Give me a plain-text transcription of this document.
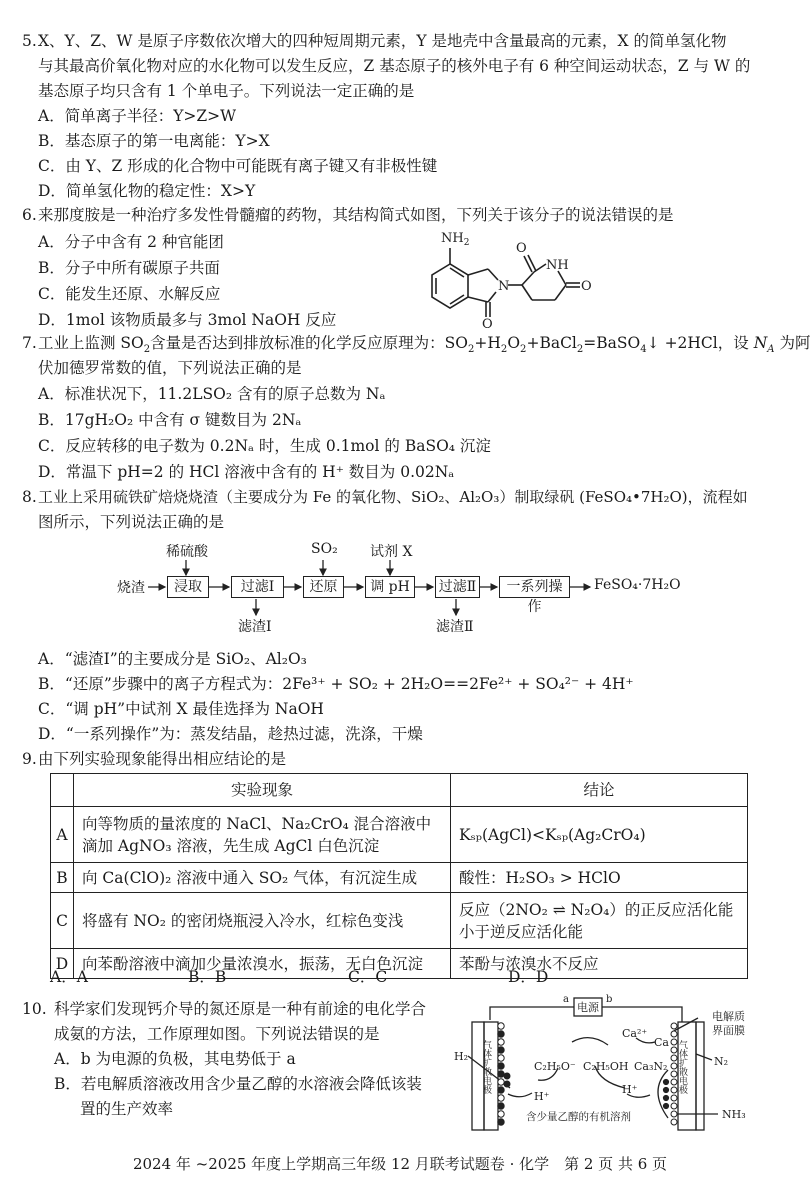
5. X、Y、Z、W 是原子序数依次增大的四种短周期元素，Y 是地壳中含量最高的元素，X 的简单氢化物
与其最高价氧化物对应的水化物可以发生反应，Z 基态原子的核外电子有 6 种空间运动状态，Z 与 W 的
基态原子均只含有 1 个单电子。下列说法一定正确的是
A．简单离子半径：Y>Z>W
B．基态原子的第一电离能：Y>X
C．由 Y、Z 形成的化合物中可能既有离子键又有非极性键
D．简单氢化物的稳定性：X>Y
6. 来那度胺是一种治疗多发性骨髓瘤的药物，其结构简式如图，下列关于该分子的说法错误的是
A．分子中含有 2 种官能团
B．分子中所有碳原子共面
C．能发生还原、水解反应
D．1mol 该物质最多与 3mol NaOH 反应
$NH_2$
N
O
O
NH
O
7. 工业上监测 $SO_2$含量是否达到排放标准的化学反应原理为：$SO_2+H_2O_2+BaCl_2=BaSO_4↓ +2HCl$，设 $N_A$ 为阿
伏加德罗常数的值，下列说法正确的是
A．标准状况下，11.2LSO₂ 含有的原子总数为 Nₐ
B．17gH₂O₂ 中含有 σ 键数目为 2Nₐ
C．反应转移的电子数为 0.2Nₐ 时，生成 0.1mol 的 BaSO₄ 沉淀
D．常温下 pH=2 的 HCl 溶液中含有的 H⁺ 数目为 0.02Nₐ
8. 工业上采用硫铁矿焙烧烧渣（主要成分为 Fe 的氧化物、SiO₂、Al₂O₃）制取绿矾 (FeSO₄•7H₂O)，流程如
图所示，下列说法正确的是
烧渣	浸取	过滤Ⅰ	还原	调 pH	过滤Ⅱ	一系列操作
FeSO₄·7H₂O
稀硫酸	SO₂ 试剂 X
滤渣Ⅰ	滤渣Ⅱ
A．“滤渣Ⅰ”的主要成分是 SiO₂、Al₂O₃
B．“还原”步骤中的离子方程式为：2Fe³⁺ + SO₂ + 2H₂O==2Fe²⁺ + SO₄²⁻ + 4H⁺
C．“调 pH”中试剂 X 最佳选择为 NaOH
D．“一系列操作”为：蒸发结晶，趁热过滤，洗涤，干燥
9. 由下列实验现象能得出相应结论的是
	实验现象	结论
A	向等物质的量浓度的 NaCl、Na₂CrO₄ 混合溶液中滴加 AgNO₃ 溶液，先生成 AgCl 白色沉淀	Kₛₚ(AgCl)<Kₛₚ(Ag₂CrO₄)
B	向 Ca(ClO)₂ 溶液中通入 SO₂ 气体，有沉淀生成	酸性：H₂SO₃ > HClO
C	将盛有 NO₂ 的密闭烧瓶浸入冷水，红棕色变浅	反应（2NO₂ ⇌ N₂O₄）的正反应活化能小于逆反应活化能
D	向苯酚溶液中滴加少量浓溴水，振荡，无白色沉淀	苯酚与浓溴水不反应
A．A	B．B	C．C	D．D
10. 科学家们发现钙介导的氮还原是一种有前途的电化学合
成氨的方法，工作原理如图。下列说法错误的是
A．b 为电源的负极，其电势低于 a
B．若电解质溶液改用含少量乙醇的水溶液会降低该装
置的生产效率
电源
a	b
H₂
C₂H₅O⁻ C₂H₅OH
H⁺
H⁺
Ca²⁺
Ca
Ca₃N₂
电解质
界面膜
N₂
NH₃
含少量乙醇的有机溶剂
气体扩散电极	气体扩散电极
2024 年 ~2025 年度上学期高三年级 12 月联考试题卷 · 化学　第 2 页 共 6 页
